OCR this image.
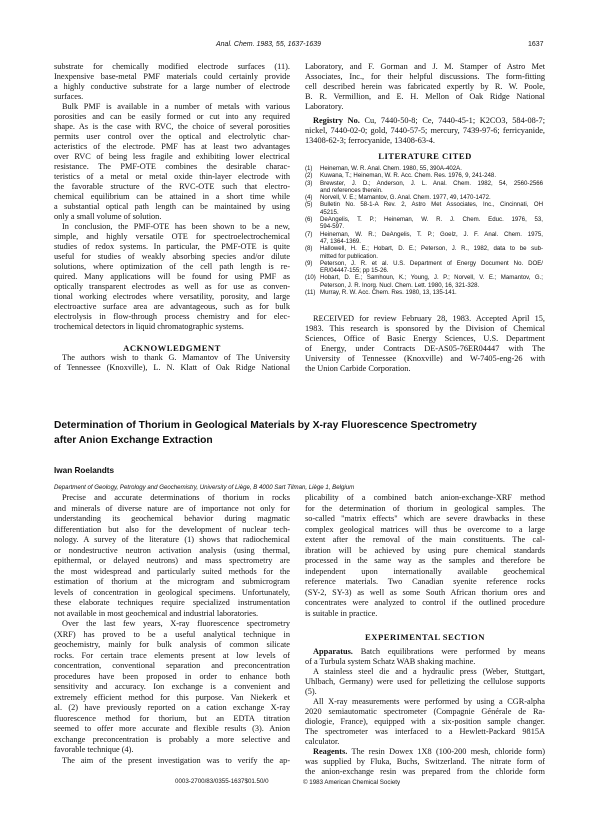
Anal. Chem. 1983, 55, 1637-1639	1637
substrate for chemically modified electrode surfaces (11).
Inexpensive base-metal PMF materials could certainly provide
a highly conductive substrate for a large number of electrode
surfaces.
Bulk PMF is available in a number of metals with various
porosities and can be easily formed or cut into any required
shape. As is the case with RVC, the choice of several porosities
permits user control over the optical and electrolytic char-
acteristics of the electrode. PMF has at least two advantages
over RVC of being less fragile and exhibiting lower electrical
resistance. The PMF-OTE combines the desirable charac-
teristics of a metal or metal oxide thin-layer electrode with
the favorable structure of the RVC-OTE such that electro-
chemical equilibrium can be attained in a short time while
a substantial optical path length can be maintained by using
only a small volume of solution.
In conclusion, the PMF-OTE has been shown to be a new,
simple, and highly versatile OTE for spectroelectrochemical
studies of redox systems. In particular, the PMF-OTE is quite
useful for studies of weakly absorbing species and/or dilute
solutions, where optimization of the cell path length is re-
quired. Many applications will be found for using PMF as
optically transparent electrodes as well as for use as conven-
tional working electrodes where versatility, porosity, and large
electroactive surface area are advantageous, such as for bulk
electrolysis in flow-through process chemistry and for elec-
trochemical detectors in liquid chromatographic systems.
ACKNOWLEDGMENT
The authors wish to thank G. Mamantov of The University
of Tennessee (Knoxville), L. N. Klatt of Oak Ridge National
Laboratory, and F. Gorman and J. M. Stamper of Astro Met
Associates, Inc., for their helpful discussions. The form-fitting
cell described herein was fabricated expertly by R. W. Poole,
B. R. Vermillion, and E. H. Mellon of Oak Ridge National
Laboratory.
Registry No. Cu, 7440-50-8; Ce, 7440-45-1; K2CO3, 584-08-7;
nickel, 7440-02-0; gold, 7440-57-5; mercury, 7439-97-6; ferricyanide,
13408-62-3; ferrocyanide, 13408-63-4.
LITERATURE CITED
(1) Heineman, W. R. Anal. Chem. 1980, 55, 390A-402A.
(2) Kuwana, T.; Heineman, W. R. Acc. Chem. Res. 1976, 9, 241-248.
(3) Brewster, J. D.; Anderson, J. L. Anal. Chem. 1982, 54, 2560-2566
and references therein.
(4) Norvell, V. E.; Mamantov, G. Anal. Chem. 1977, 49, 1470-1472.
(5) Bulletin No. 58-1-A Rev. 2, Astro Met Associates, Inc., Cincinnati, OH
45215.
(6) DeAngelis, T. P.; Heineman, W. R. J. Chem. Educ. 1976, 53,
594-597.
(7) Heineman, W. R.; DeAngelis, T. P.; Goelz, J. F. Anal. Chem. 1975,
47, 1364-1369.
(8) Hallowell, H. E.; Hobart, D. E.; Peterson, J. R., 1982, data to be sub-
mitted for publication.
(9) Peterson, J. R. et al. U.S. Department of Energy Document No. DOE/
ER/04447-155; pp 15-26.
(10) Hobart, D. E.; Samhoun, K.; Young, J. P.; Norvell, V. E.; Mamantov, G.;
Peterson, J. R. Inorg. Nucl. Chem. Lett. 1980, 16, 321-328.
(11) Murray, R. W. Acc. Chem. Res. 1980, 13, 135-141.
RECEIVED for review February 28, 1983. Accepted April 15,
1983. This research is sponsored by the Division of Chemical
Sciences, Office of Basic Energy Sciences, U.S. Department
of Energy, under Contracts DE-AS05-76ER04447 with The
University of Tennessee (Knoxville) and W-7405-eng-26 with
the Union Carbide Corporation.
Determination of Thorium in Geological Materials by X-ray Fluorescence Spectrometry
after Anion Exchange Extraction
Iwan Roelandts
Department of Geology, Petrology and Geochemistry, University of Liège, B 4000 Sart Tilman, Liège 1, Belgium
Precise and accurate determinations of thorium in rocks
and minerals of diverse nature are of importance not only for
understanding its geochemical behavior during magmatic
differentiation but also for the development of nuclear tech-
nology. A survey of the literature (1) shows that radiochemical
or nondestructive neutron activation analysis (using thermal,
epithermal, or delayed neutrons) and mass spectrometry are
the most widespread and particularly suited methods for the
estimation of thorium at the microgram and submicrogram
levels of concentration in geological specimens. Unfortunately,
these elaborate techniques require specialized instrumentation
not available in most geochemical and industrial laboratories.
Over the last few years, X-ray fluorescence spectrometry
(XRF) has proved to be a useful analytical technique in
geochemistry, mainly for bulk analysis of common silicate
rocks. For certain trace elements present at low levels of
concentration, conventional separation and preconcentration
procedures have been proposed in order to enhance both
sensitivity and accuracy. Ion exchange is a convenient and
extremely efficient method for this purpose. Van Niekerk et
al. (2) have previously reported on a cation exchange X-ray
fluorescence method for thorium, but an EDTA titration
seemed to offer more accurate and flexible results (3). Anion
exchange preconcentration is probably a more selective and
favorable technique (4).
The aim of the present investigation was to verify the ap-
plicability of a combined batch anion-exchange-XRF method
for the determination of thorium in geological samples. The
so-called "matrix effects" which are severe drawbacks in these
complex geological matrices will thus be overcome to a large
extent after the removal of the main constituents. The cal-
ibration will be achieved by using pure chemical standards
processed in the same way as the samples and therefore be
independent upon internationally available geochemical
reference materials. Two Canadian syenite reference rocks
(SY-2, SY-3) as well as some South African thorium ores and
concentrates were analyzed to control if the outlined procedure
is suitable in practice.
EXPERIMENTAL SECTION
Apparatus. Batch equilibrations were performed by means
of a Turbula system Schatz WAB shaking machine.
A stainless steel die and a hydraulic press (Weber, Stuttgart,
Uhlbach, Germany) were used for pelletizing the cellulose supports
(5).
All X-ray measurements were performed by using a CGR-alpha
2020 semiautomatic spectrometer (Compagnie Générale de Ra-
diologie, France), equipped with a six-position sample changer.
The spectrometer was interfaced to a Hewlett-Packard 9815A
calculator.
Reagents. The resin Dowex 1X8 (100-200 mesh, chloride form)
was supplied by Fluka, Buchs, Switzerland. The nitrate form of
the anion-exchange resin was prepared from the chloride form
0003-2700/83/0355-1637$01.50/0	© 1983 American Chemical Society
